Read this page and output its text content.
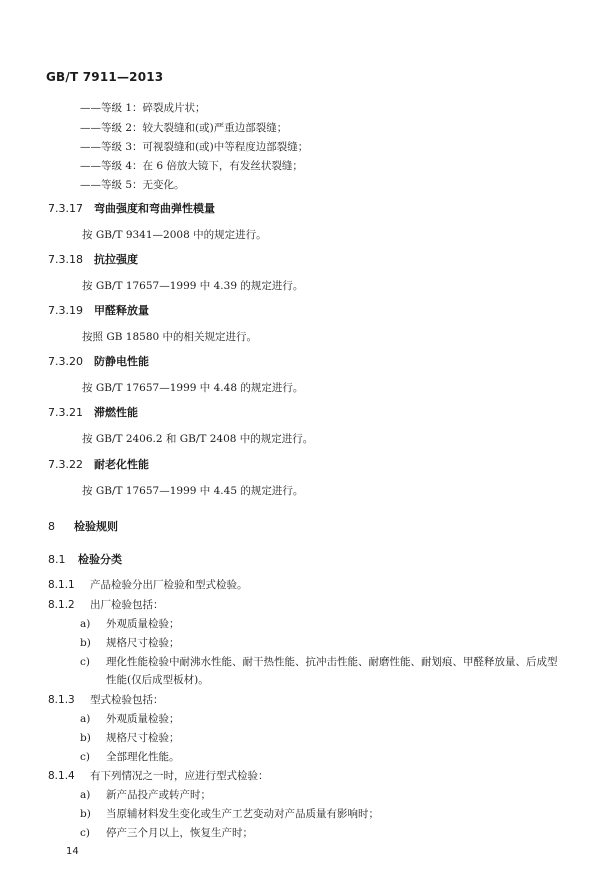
GB/T 7911—2013
——等级 1：碎裂成片状；
——等级 2：较大裂缝和(或)严重边部裂缝；
——等级 3：可视裂缝和(或)中等程度边部裂缝；
——等级 4：在 6 倍放大镜下，有发丝状裂缝；
——等级 5：无变化。
7.3.17 弯曲强度和弯曲弹性模量
按 GB/T 9341—2008 中的规定进行。
7.3.18 抗拉强度
按 GB/T 17657—1999 中 4.39 的规定进行。
7.3.19 甲醛释放量
按照 GB 18580 中的相关规定进行。
7.3.20 防静电性能
按 GB/T 17657—1999 中 4.48 的规定进行。
7.3.21 滞燃性能
按 GB/T 2406.2 和 GB/T 2408 中的规定进行。
7.3.22 耐老化性能
按 GB/T 17657—1999 中 4.45 的规定进行。
8 检验规则
8.1 检验分类
8.1.1 产品检验分出厂检验和型式检验。
8.1.2 出厂检验包括：
a) 外观质量检验；
b) 规格尺寸检验；
c) 理化性能检验中耐沸水性能、耐干热性能、抗冲击性能、耐磨性能、耐划痕、甲醛释放量、后成型
性能(仅后成型板材)。
8.1.3 型式检验包括：
a) 外观质量检验；
b) 规格尺寸检验；
c) 全部理化性能。
8.1.4 有下列情况之一时，应进行型式检验：
a) 新产品投产或转产时；
b) 当原辅材料发生变化或生产工艺变动对产品质量有影响时；
c) 停产三个月以上，恢复生产时；
14
